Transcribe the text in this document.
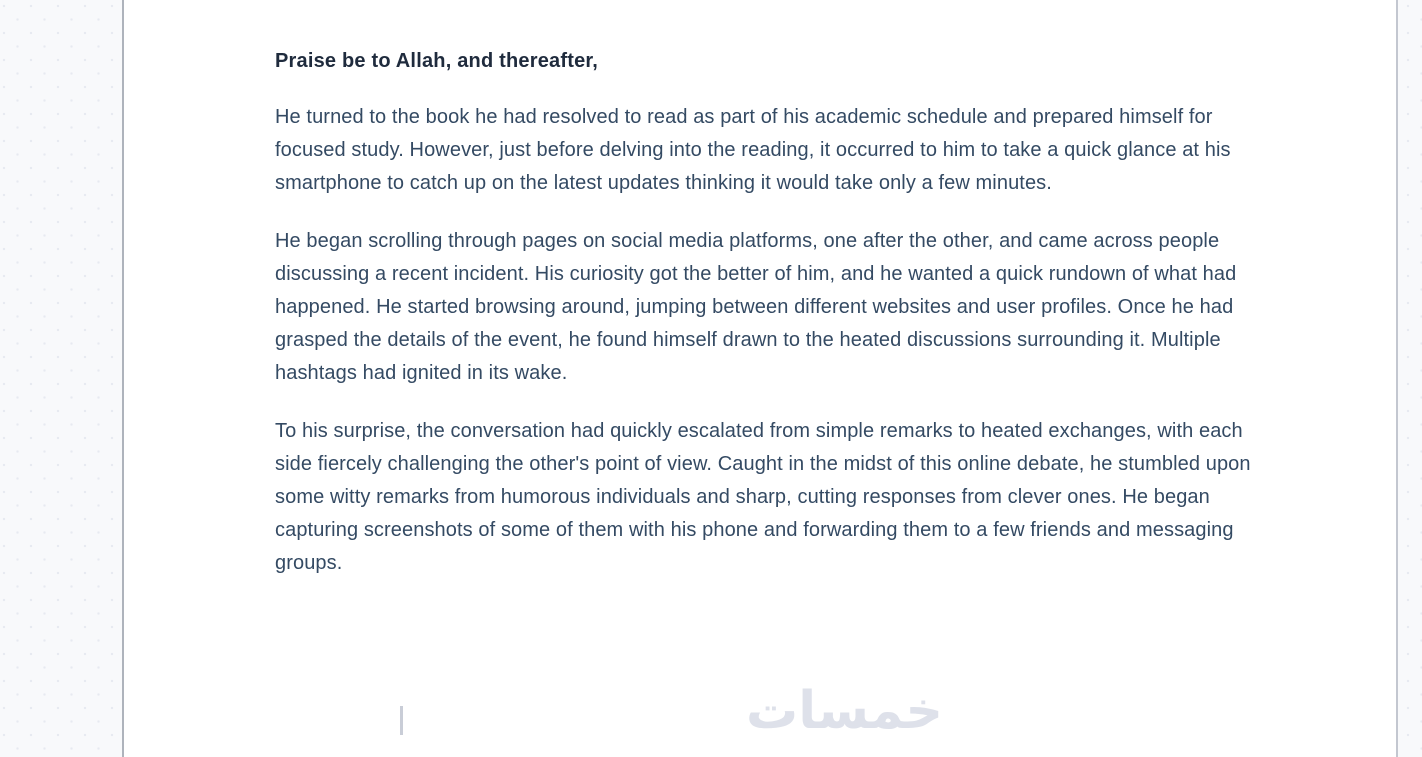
Praise be to Allah, and thereafter,

He turned to the book he had resolved to read as part of his academic schedule and prepared himself for focused study. However, just before delving into the reading, it occurred to him to take a quick glance at his smartphone to catch up on the latest updates thinking it would take only a few minutes.

He began scrolling through pages on social media platforms, one after the other, and came across people discussing a recent incident. His curiosity got the better of him, and he wanted a quick rundown of what had happened. He started browsing around, jumping between different websites and user profiles. Once he had grasped the details of the event, he found himself drawn to the heated discussions surrounding it. Multiple hashtags had ignited in its wake.

To his surprise, the conversation had quickly escalated from simple remarks to heated exchanges, with each side fiercely challenging the other's point of view. Caught in the midst of this online debate, he stumbled upon some witty remarks from humorous individuals and sharp, cutting responses from clever ones. He began capturing screenshots of some of them with his phone and forwarding them to a few friends and messaging groups.

خمسات
